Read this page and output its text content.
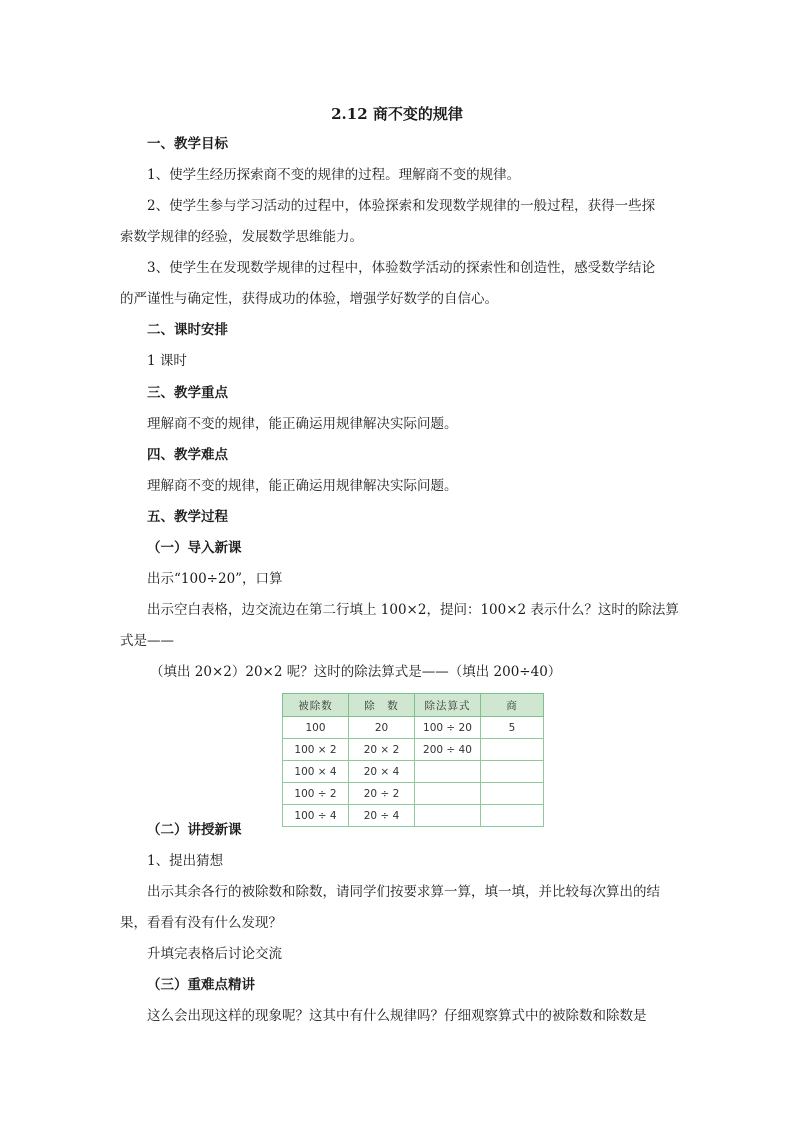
2.12 商不变的规律
一、教学目标
1、使学生经历探索商不变的规律的过程。理解商不变的规律。
2、使学生参与学习活动的过程中，体验探索和发现数学规律的一般过程，获得一些探
索数学规律的经验，发展数学思维能力。
3、使学生在发现数学规律的过程中，体验数学活动的探索性和创造性，感受数学结论
的严谨性与确定性，获得成功的体验，增强学好数学的自信心。
二、课时安排
1 课时
三、教学重点
理解商不变的规律，能正确运用规律解决实际问题。
四、教学难点
理解商不变的规律，能正确运用规律解决实际问题。
五、教学过程
（一）导入新课
出示“100÷20”，口算
出示空白表格，边交流边在第二行填上 100×2，提问：100×2 表示什么？这时的除法算
式是——
（填出 20×2）20×2 呢？这时的除法算式是——（填出 200÷40）
被除数	除　数	除法算式	商
100	20	100 ÷ 20	5
100 × 2	20 × 2	200 ÷ 40	
100 × 4	20 × 4		
100 ÷ 2	20 ÷ 2		
100 ÷ 4	20 ÷ 4		
（二）讲授新课
1、提出猜想
出示其余各行的被除数和除数，请同学们按要求算一算，填一填，并比较每次算出的结
果，看看有没有什么发现？
升填完表格后讨论交流
（三）重难点精讲
这么会出现这样的现象呢？这其中有什么规律吗？仔细观察算式中的被除数和除数是
